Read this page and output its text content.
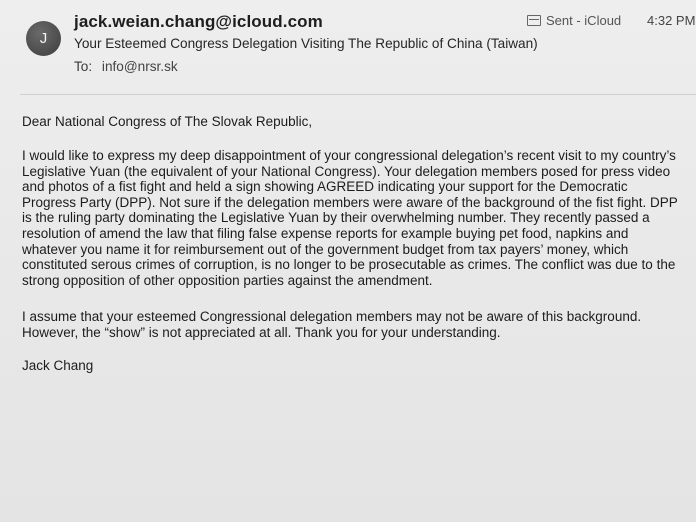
J
jack.weian.chang@icloud.com
Your Esteemed Congress Delegation Visiting The Republic of China (Taiwan)
To: info@nrsr.sk
Sent - iCloud 4:32 PM
Dear National Congress of The Slovak Republic,
I would like to express my deep disappointment of your congressional delegation’s recent visit to my country’s
Legislative Yuan (the equivalent of your National Congress). Your delegation members posed for press video
and photos of a fist fight and held a sign showing AGREED indicating your support for the Democratic
Progress Party (DPP). Not sure if the delegation members were aware of the background of the fist fight. DPP
is the ruling party dominating the Legislative Yuan by their overwhelming number. They recently passed a
resolution of amend the law that filing false expense reports for example buying pet food, napkins and
whatever you name it for reimbursement out of the government budget from tax payers’ money, which
constituted serous crimes of corruption, is no longer to be prosecutable as crimes. The conflict was due to the
strong opposition of other opposition parties against the amendment.
I assume that your esteemed Congressional delegation members may not be aware of this background.
However, the “show” is not appreciated at all. Thank you for your understanding.
Jack Chang
